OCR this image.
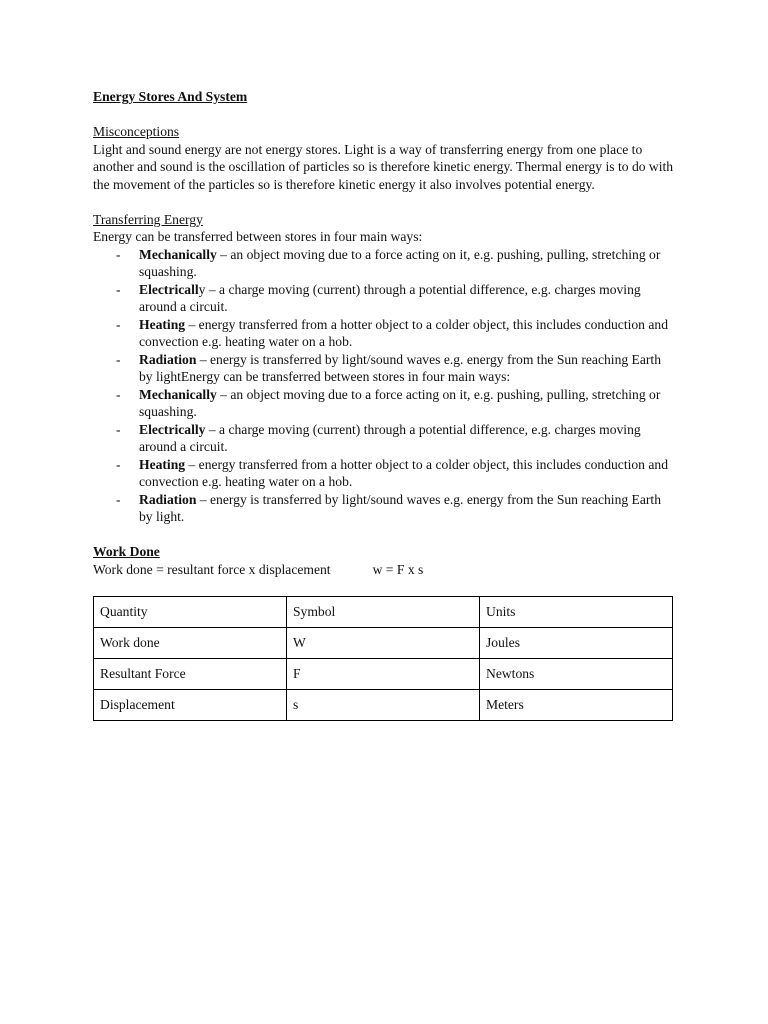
Energy Stores And System
Misconceptions

Light and sound energy are not energy stores. Light is a way of transferring energy from one place to another and sound is the oscillation of particles so is therefore kinetic energy. Thermal energy is to do with the movement of the particles so is therefore kinetic energy it also involves potential energy.

Transferring Energy
Energy can be transferred between stores in four main ways:
- Mechanically – an object moving due to a force acting on it, e.g. pushing, pulling, stretching or squashing.
- Electrically – a charge moving (current) through a potential difference, e.g. charges moving around a circuit.
- Heating – energy transferred from a hotter object to a colder object, this includes conduction and convection e.g. heating water on a hob.
- Radiation – energy is transferred by light/sound waves e.g. energy from the Sun reaching Earth by lightEnergy can be transferred between stores in four main ways:
- Mechanically – an object moving due to a force acting on it, e.g. pushing, pulling, stretching or squashing.
- Electrically – a charge moving (current) through a potential difference, e.g. charges moving around a circuit.
- Heating – energy transferred from a hotter object to a colder object, this includes conduction and convection e.g. heating water on a hob.
- Radiation – energy is transferred by light/sound waves e.g. energy from the Sun reaching Earth by light.
Work Done
Work done = resultant force x displacement	w = F x s
Quantity	Symbol	Units
Work done	W	Joules
Resultant Force	F	Newtons
Displacement	s	Meters
